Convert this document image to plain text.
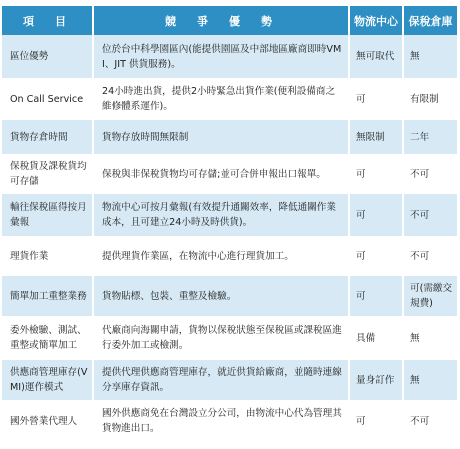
項　目	競　爭　優　勢	物流中心	保稅倉庫
區位優勢	位於台中科學園區內(能提供園區及中部地區廠商即時VMI、JIT 供貨服務)。	無可取代	無
On Call Service	24小時進出貨，提供2小時緊急出貨作業(便利設備商之維修體系運作)。	可	有限制
貨物存倉時間	貨物存放時間無限制	無限制	二年
保稅貨及課稅貨均可存儲	保稅與非保稅貨物均可存儲;並可合併申報出口報單。	可	不可
輸往保稅區得按月彙報	物流中心可按月彙報(有效提升通關效率，降低通關作業成本，且可建立24小時及時供貨)。	可	不可
理貨作業	提供理貨作業區，在物流中心進行理貨加工。	可	不可
簡單加工重整業務	貨物貼標、包裝、重整及檢驗。	可	可(需繳交規費)
委外檢驗、測試、重整或簡單加工	代廠商向海關申請，貨物以保稅狀態至保稅區或課稅區進行委外加工或檢測。	具備	無
供應商管理庫存(VMI)運作模式	提供代理供應商管理庫存，就近供貨給廠商，並隨時連線分享庫存資訊。	量身訂作	無
國外營業代理人	國外供應商免在台灣設立分公司，由物流中心代為管理其貨物進出口。	可	不可
